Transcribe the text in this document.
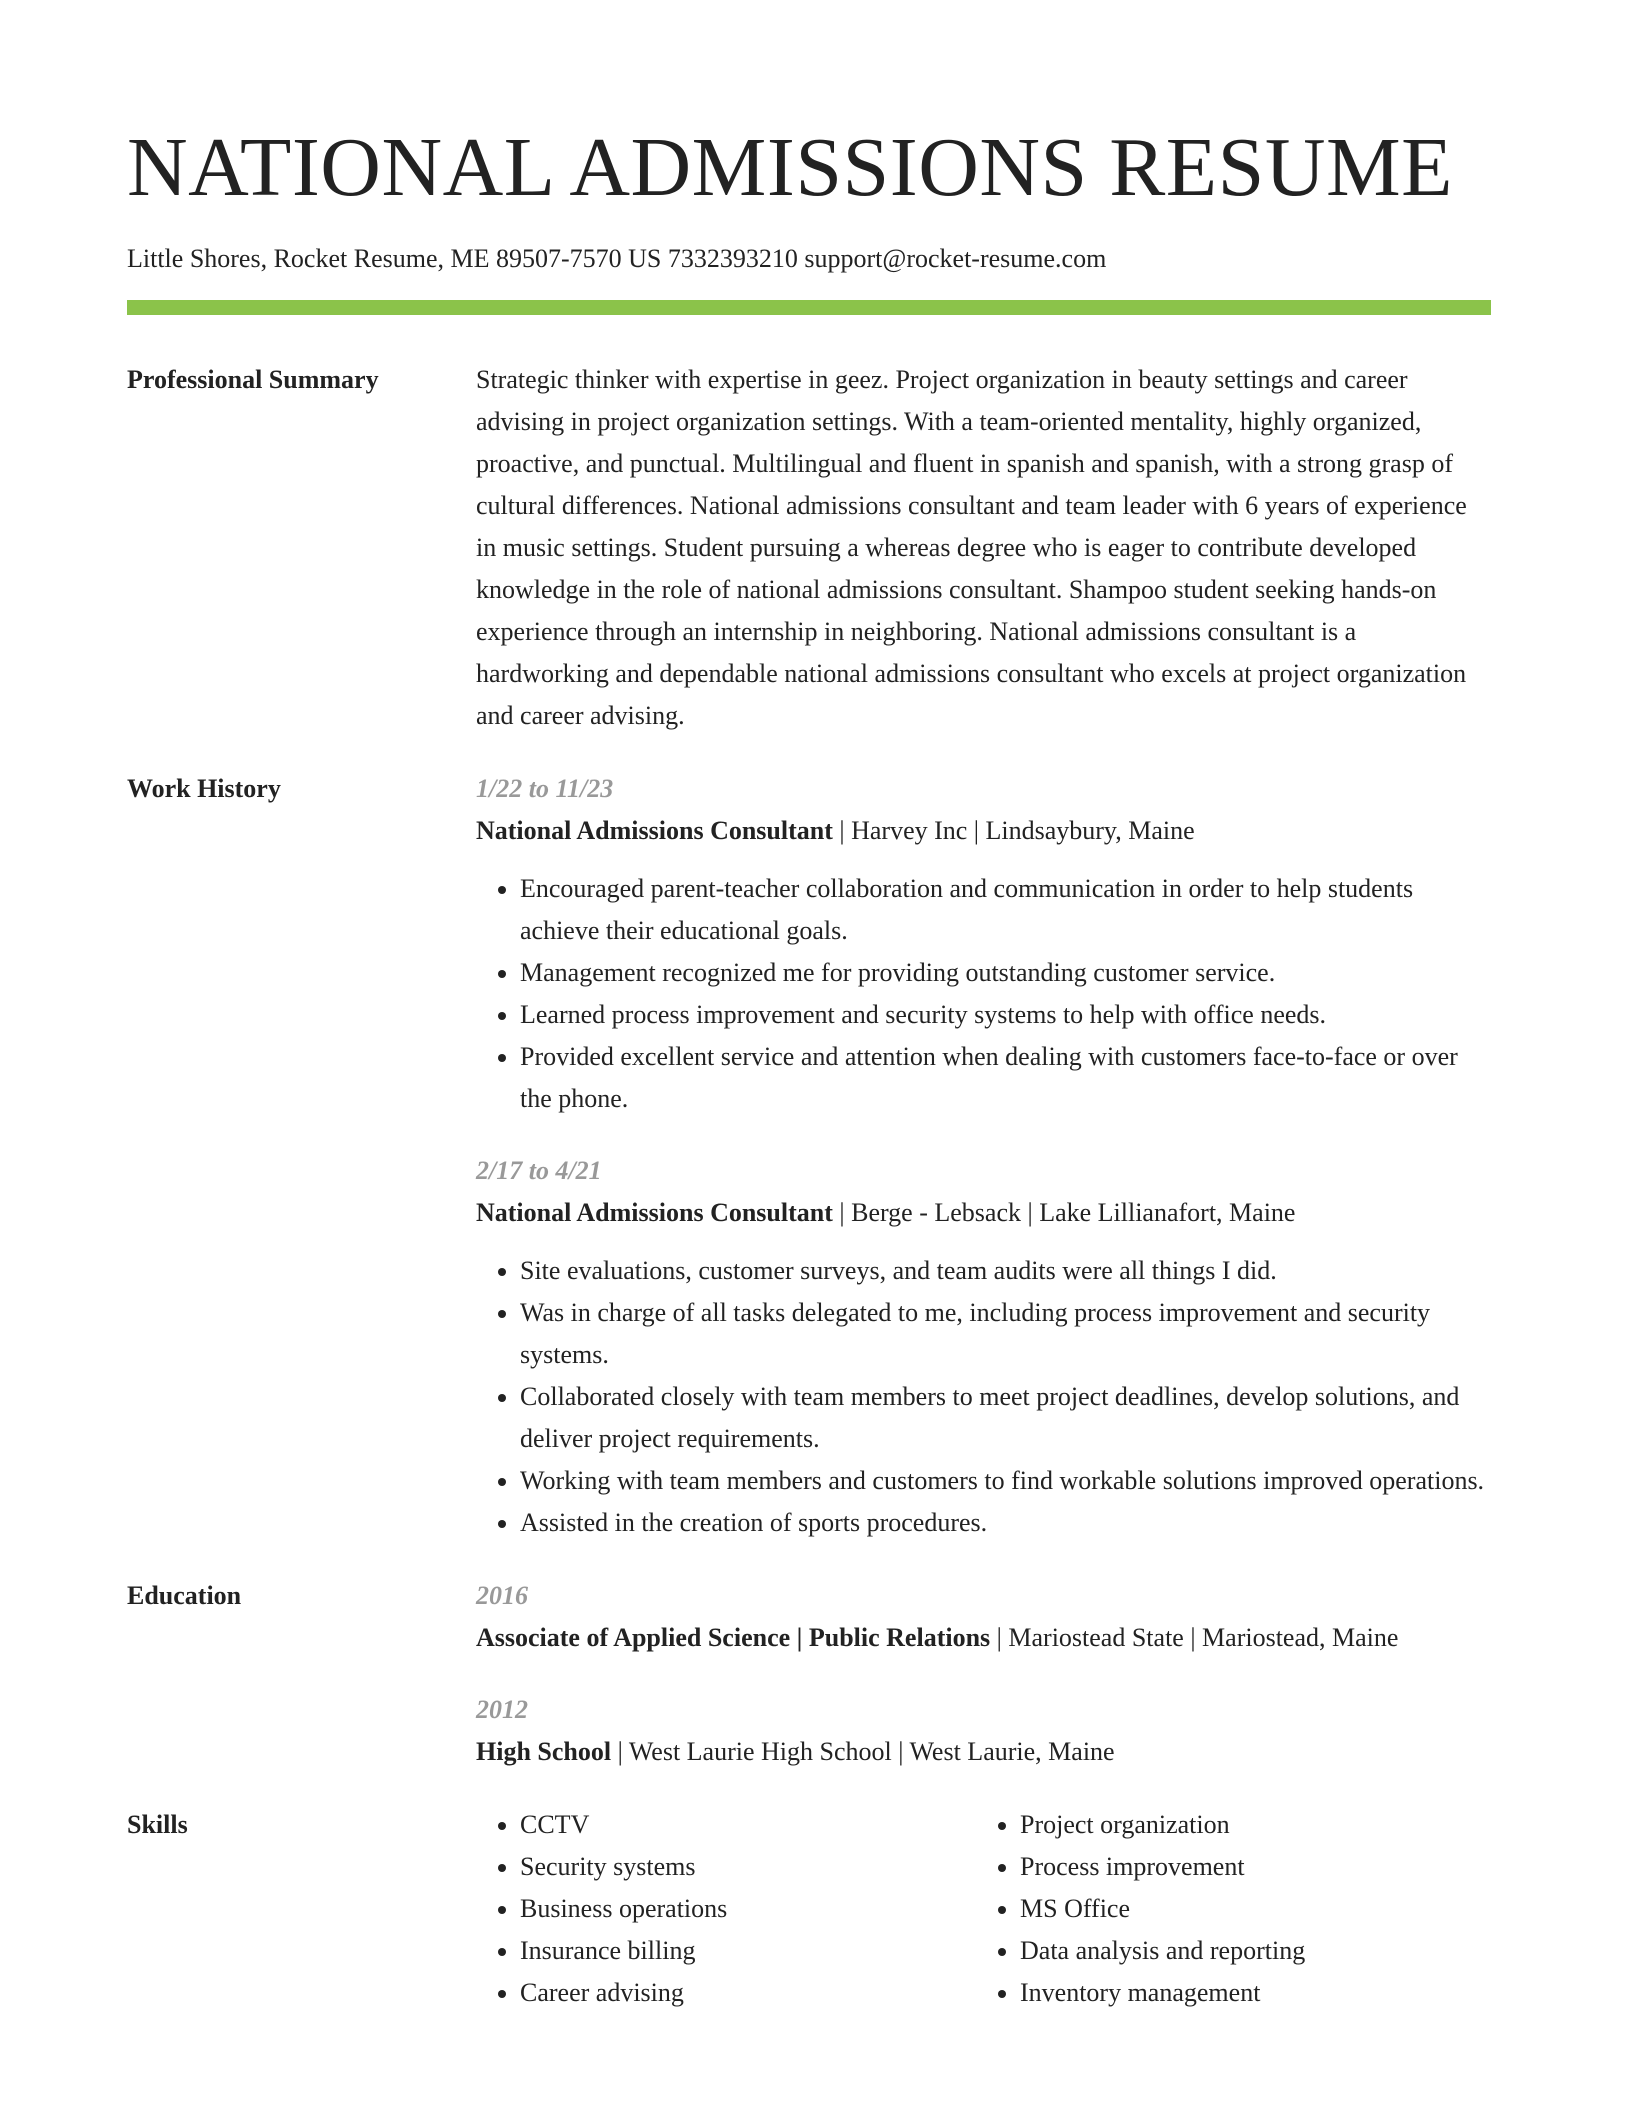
NATIONAL ADMISSIONS RESUME
Little Shores, Rocket Resume, ME 89507-7570 US 7332393210 support@rocket-resume.com
Professional Summary	Strategic thinker with expertise in geez. Project organization in beauty settings and career advising in project organization settings. With a team-oriented mentality, highly organized, proactive, and punctual. Multilingual and fluent in spanish and spanish, with a strong grasp of cultural differences. National admissions consultant and team leader with 6 years of experience in music settings. Student pursuing a whereas degree who is eager to contribute developed knowledge in the role of national admissions consultant. Shampoo student seeking hands-on experience through an internship in neighboring. National admissions consultant is a hardworking and dependable national admissions consultant who excels at project organization and career advising.
Work History	1/22 to 11/23
National Admissions Consultant | Harvey Inc | Lindsaybury, Maine
• Encouraged parent-teacher collaboration and communication in order to help students achieve their educational goals.
• Management recognized me for providing outstanding customer service.
• Learned process improvement and security systems to help with office needs.
• Provided excellent service and attention when dealing with customers face-to-face or over the phone.
2/17 to 4/21
National Admissions Consultant | Berge - Lebsack | Lake Lillianafort, Maine
• Site evaluations, customer surveys, and team audits were all things I did.
• Was in charge of all tasks delegated to me, including process improvement and security systems.
• Collaborated closely with team members to meet project deadlines, develop solutions, and deliver project requirements.
• Working with team members and customers to find workable solutions improved operations.
• Assisted in the creation of sports procedures.
Education	2016
Associate of Applied Science | Public Relations | Mariostead State | Mariostead, Maine
2012
High School | West Laurie High School | West Laurie, Maine
Skills
•	CCTV
• Security systems
• Business operations
• Insurance billing
• Career advising
• Project organization
• Process improvement
• MS Office
• Data analysis and reporting
• Inventory management
